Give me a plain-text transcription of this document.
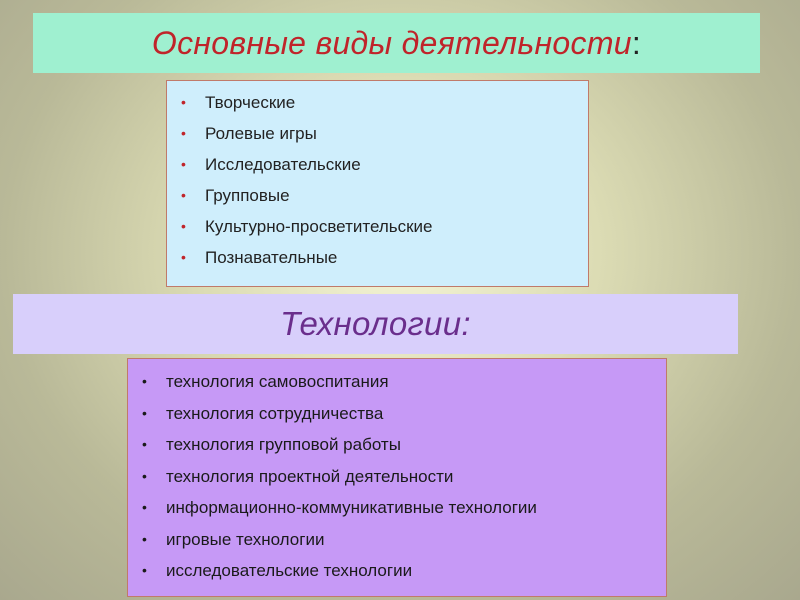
Основные виды деятельности:
• Творческие
• Ролевые игры
• Исследовательские
• Групповые
• Культурно-просветительские
• Познавательные
Технологии:
• технология самовоспитания
• технология сотрудничества
• технология групповой работы
• технология проектной деятельности
• информационно-коммуникативные технологии
• игровые технологии
• исследовательские технологии
